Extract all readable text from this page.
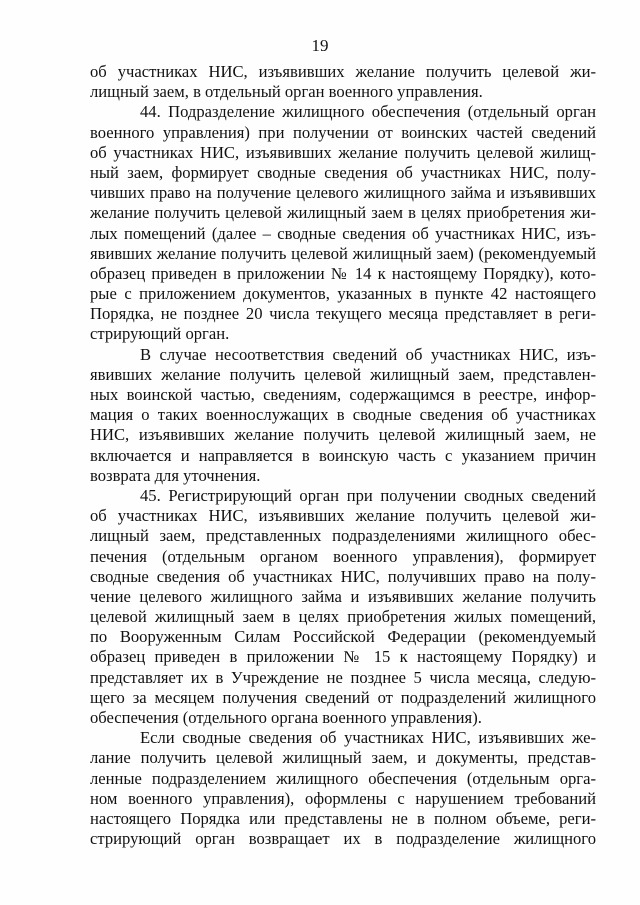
19
об участниках НИС, изъявивших желание получить целевой жи-
лищный заем, в отдельный орган военного управления.
44. Подразделение жилищного обеспечения (отдельный орган
военного управления) при получении от воинских частей сведений
об участниках НИС, изъявивших желание получить целевой жилищ-
ный заем, формирует сводные сведения об участниках НИС, полу-
чивших право на получение целевого жилищного займа и изъявивших
желание получить целевой жилищный заем в целях приобретения жи-
лых помещений (далее – сводные сведения об участниках НИС, изъ-
явивших желание получить целевой жилищный заем) (рекомендуемый
образец приведен в приложении № 14 к настоящему Порядку), кото-
рые с приложением документов, указанных в пункте 42 настоящего
Порядка, не позднее 20 числа текущего месяца представляет в реги-
стрирующий орган.
В случае несоответствия сведений об участниках НИС, изъ-
явивших желание получить целевой жилищный заем, представлен-
ных воинской частью, сведениям, содержащимся в реестре, инфор-
мация о таких военнослужащих в сводные сведения об участниках
НИС, изъявивших желание получить целевой жилищный заем, не
включается и направляется в воинскую часть с указанием причин
возврата для уточнения.
45. Регистрирующий орган при получении сводных сведений
об участниках НИС, изъявивших желание получить целевой жи-
лищный заем, представленных подразделениями жилищного обес-
печения (отдельным органом военного управления), формирует
сводные сведения об участниках НИС, получивших право на полу-
чение целевого жилищного займа и изъявивших желание получить
целевой жилищный заем в целях приобретения жилых помещений,
по Вооруженным Силам Российской Федерации (рекомендуемый
образец приведен в приложении № 15 к настоящему Порядку) и
представляет их в Учреждение не позднее 5 числа месяца, следую-
щего за месяцем получения сведений от подразделений жилищного
обеспечения (отдельного органа военного управления).
Если сводные сведения об участниках НИС, изъявивших же-
лание получить целевой жилищный заем, и документы, представ-
ленные подразделением жилищного обеспечения (отдельным орга-
ном военного управления), оформлены с нарушением требований
настоящего Порядка или представлены не в полном объеме, реги-
стрирующий орган возвращает их в подразделение жилищного
